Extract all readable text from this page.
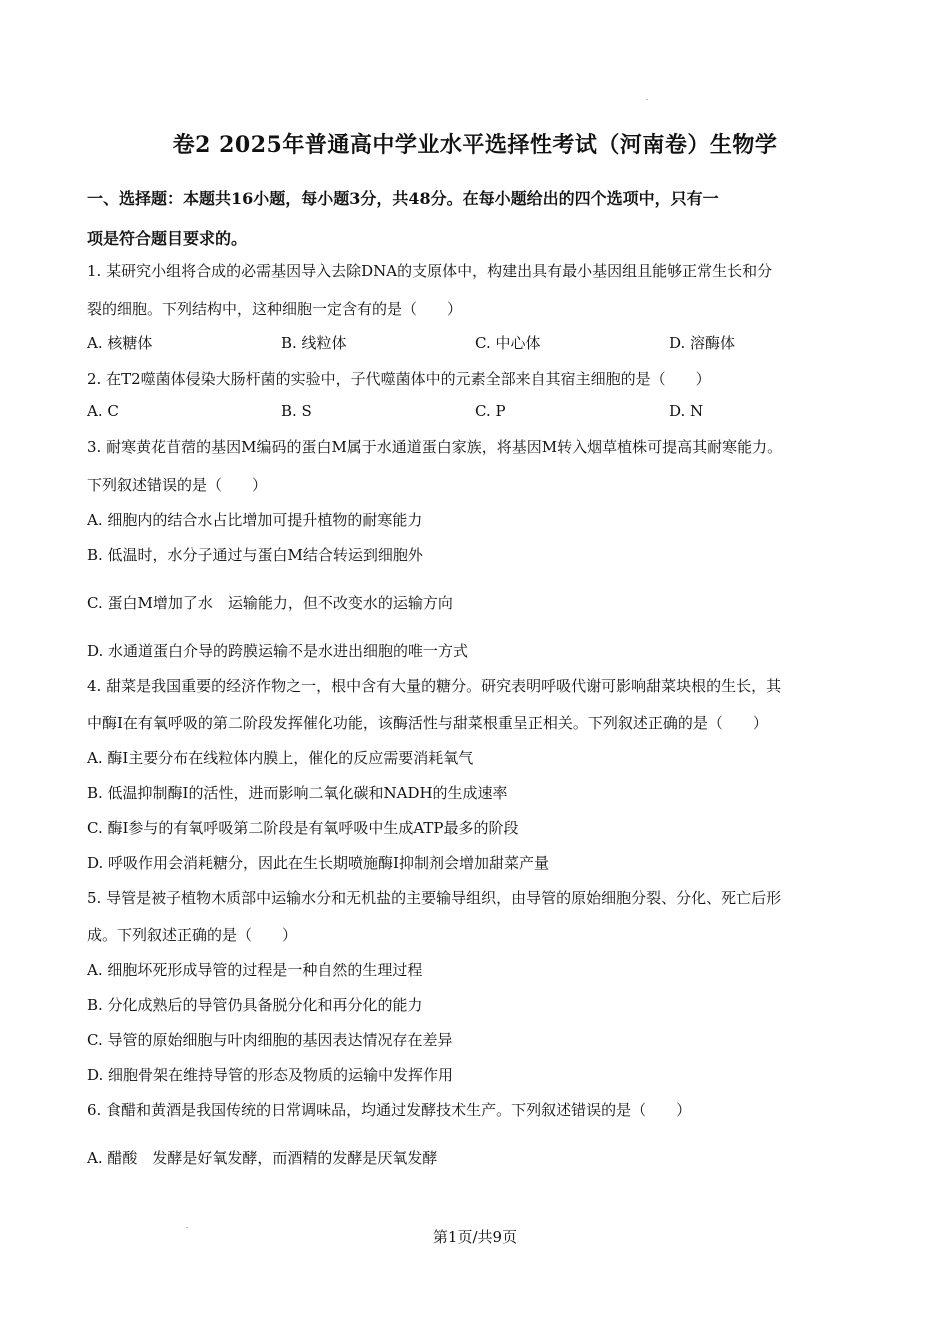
卷2 2025年普通高中学业水平选择性考试（河南卷）生物学
一、选择题：本题共16小题，每小题3分，共48分。在每小题给出的四个选项中，只有一
项是符合题目要求的。
1. 某研究小组将合成的必需基因导入去除DNA的支原体中，构建出具有最小基因组且能够正常生长和分
裂的细胞。下列结构中，这种细胞一定含有的是（　　）
A. 核糖体	B. 线粒体	C. 中心体	D. 溶酶体
2. 在T2噬菌体侵染大肠杆菌的实验中，子代噬菌体中的元素全部来自其宿主细胞的是（　　）
A. C	B. S	C. P	D. N
3. 耐寒黄花苜蓿的基因M编码的蛋白M属于水通道蛋白家族，将基因M转入烟草植株可提高其耐寒能力。
下列叙述错误的是（　　）
A. 细胞内的结合水占比增加可提升植物的耐寒能力
B. 低温时，水分子通过与蛋白M结合转运到细胞外
C. 蛋白M增加了水　运输能力，但不改变水的运输方向
D. 水通道蛋白介导的跨膜运输不是水进出细胞的唯一方式
4. 甜菜是我国重要的经济作物之一，根中含有大量的糖分。研究表明呼吸代谢可影响甜菜块根的生长，其
中酶Ⅰ在有氧呼吸的第二阶段发挥催化功能，该酶活性与甜菜根重呈正相关。下列叙述正确的是（　　）
A. 酶Ⅰ主要分布在线粒体内膜上，催化的反应需要消耗氧气
B. 低温抑制酶Ⅰ的活性，进而影响二氧化碳和NADH的生成速率
C. 酶Ⅰ参与的有氧呼吸第二阶段是有氧呼吸中生成ATP最多的阶段
D. 呼吸作用会消耗糖分，因此在生长期喷施酶Ⅰ抑制剂会增加甜菜产量
5. 导管是被子植物木质部中运输水分和无机盐的主要输导组织，由导管的原始细胞分裂、分化、死亡后形
成。下列叙述正确的是（　　）
A. 细胞坏死形成导管的过程是一种自然的生理过程
B. 分化成熟后的导管仍具备脱分化和再分化的能力
C. 导管的原始细胞与叶肉细胞的基因表达情况存在差异
D. 细胞骨架在维持导管的形态及物质的运输中发挥作用
6. 食醋和黄酒是我国传统的日常调味品，均通过发酵技术生产。下列叙述错误的是（　　）
A. 醋酸　发酵是好氧发酵，而酒精的发酵是厌氧发酵
第1页/共9页
